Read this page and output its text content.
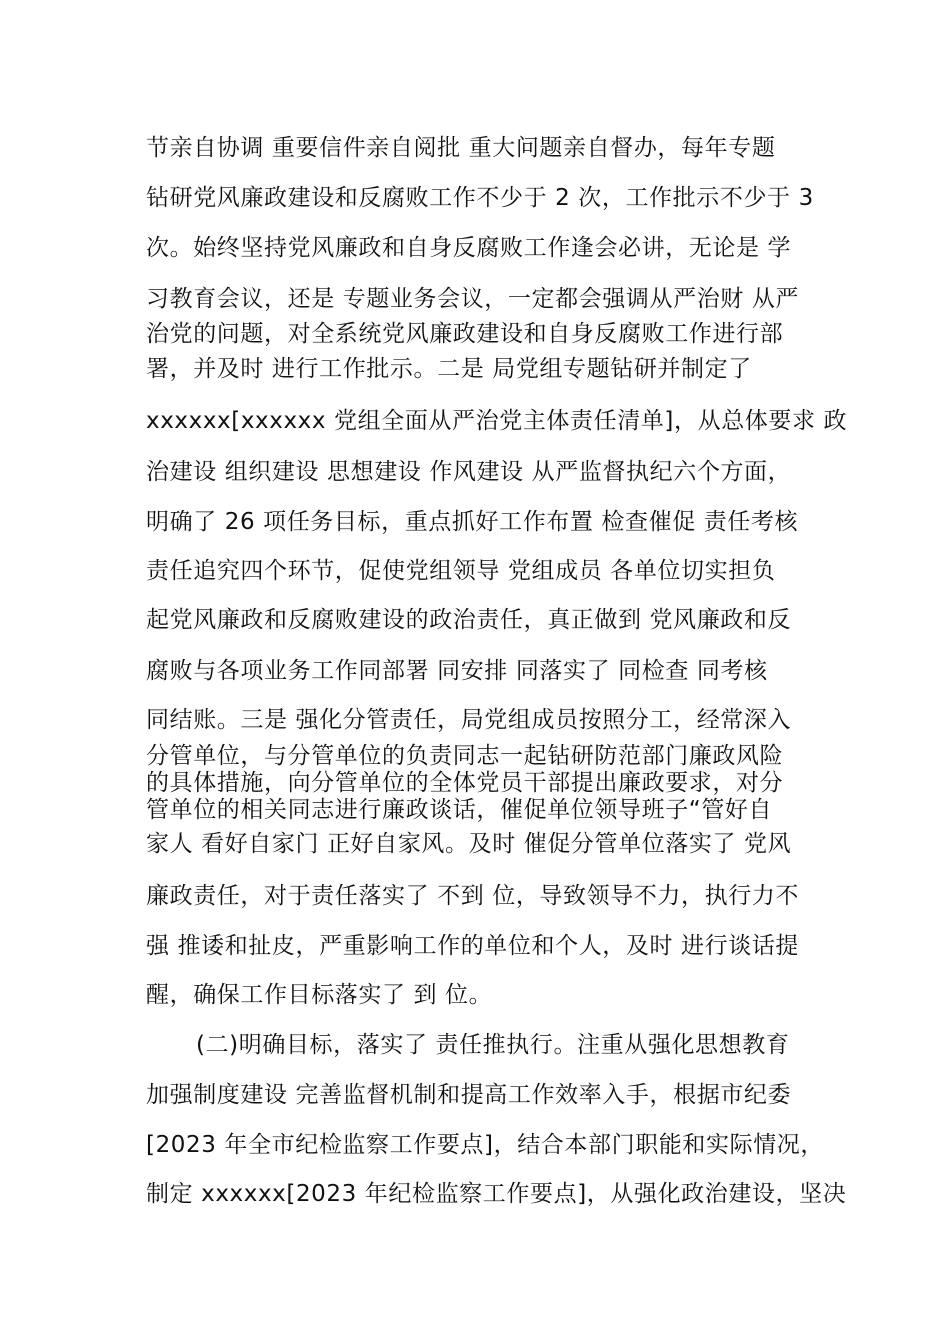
节亲自协调 重要信件亲自阅批 重大问题亲自督办，每年专题
钻研党风廉政建设和反腐败工作不少于 2 次，工作批示不少于 3
次。始终坚持党风廉政和自身反腐败工作逢会必讲，无论是 学
习教育会议，还是 专题业务会议，一定都会强调从严治财 从严
治党的问题，对全系统党风廉政建设和自身反腐败工作进行部
署，并及时 进行工作批示。二是 局党组专题钻研并制定了
xxxxxx[xxxxxx 党组全面从严治党主体责任清单]，从总体要求 政
治建设 组织建设 思想建设 作风建设 从严监督执纪六个方面，
明确了 26 项任务目标，重点抓好工作布置 检查催促 责任考核
责任追究四个环节，促使党组领导 党组成员 各单位切实担负
起党风廉政和反腐败建设的政治责任，真正做到 党风廉政和反
腐败与各项业务工作同部署 同安排 同落实了 同检查 同考核
同结账。三是 强化分管责任，局党组成员按照分工，经常深入
分管单位，与分管单位的负责同志一起钻研防范部门廉政风险
的具体措施，向分管单位的全体党员干部提出廉政要求，对分
管单位的相关同志进行廉政谈话，催促单位领导班子“管好自
家人 看好自家门 正好自家风。及时 催促分管单位落实了 党风
廉政责任，对于责任落实了 不到 位，导致领导不力，执行力不
强 推诿和扯皮，严重影响工作的单位和个人，及时 进行谈话提
醒，确保工作目标落实了 到 位。
(二)明确目标，落实了 责任推执行。注重从强化思想教育
加强制度建设 完善监督机制和提高工作效率入手，根据市纪委
[2023 年全市纪检监察工作要点]，结合本部门职能和实际情况，
制定 xxxxxx[2023 年纪检监察工作要点]，从强化政治建设，坚决
